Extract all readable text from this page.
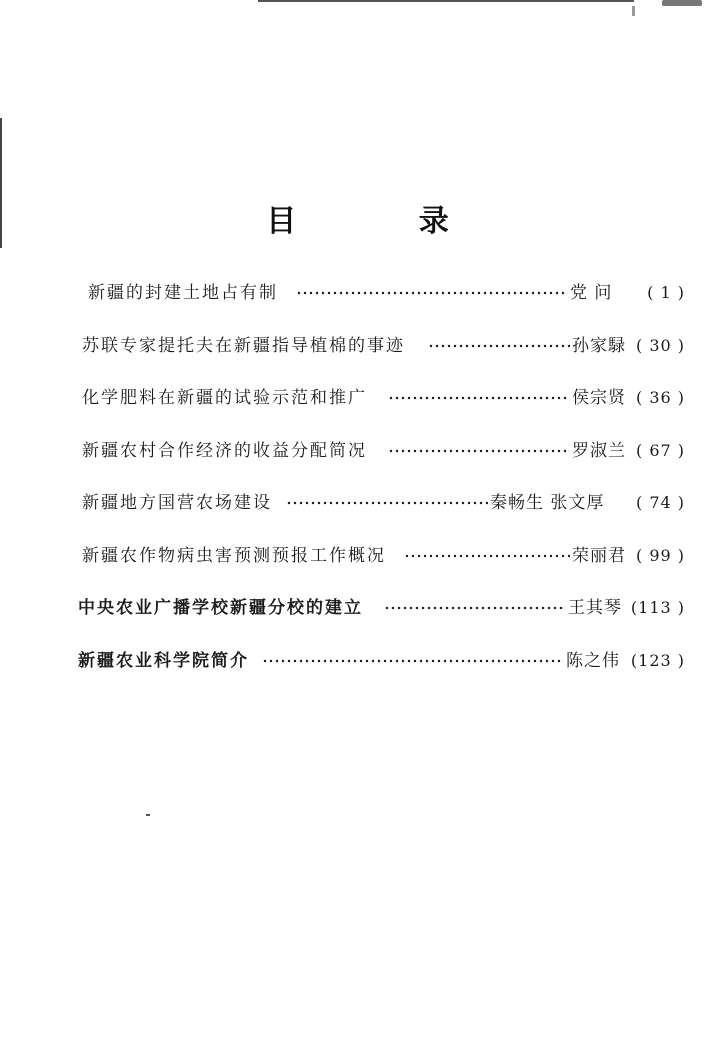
目 录
新疆的封建土地占有制	党 问 ( 1 )
苏联专家提托夫在新疆指导植棉的事迹	孙家騄 ( 30 )
化学肥料在新疆的试验示范和推广	侯宗贤 ( 36 )
新疆农村合作经济的收益分配简况	罗淑兰 ( 67 )
新疆地方国营农场建设	秦畅生 张文厚 ( 74 )
新疆农作物病虫害预测预报工作概况	荣丽君 ( 99 )
中央农业广播学校新疆分校的建立	王其琴 (113 )
新疆农业科学院简介	陈之伟 (123 )
